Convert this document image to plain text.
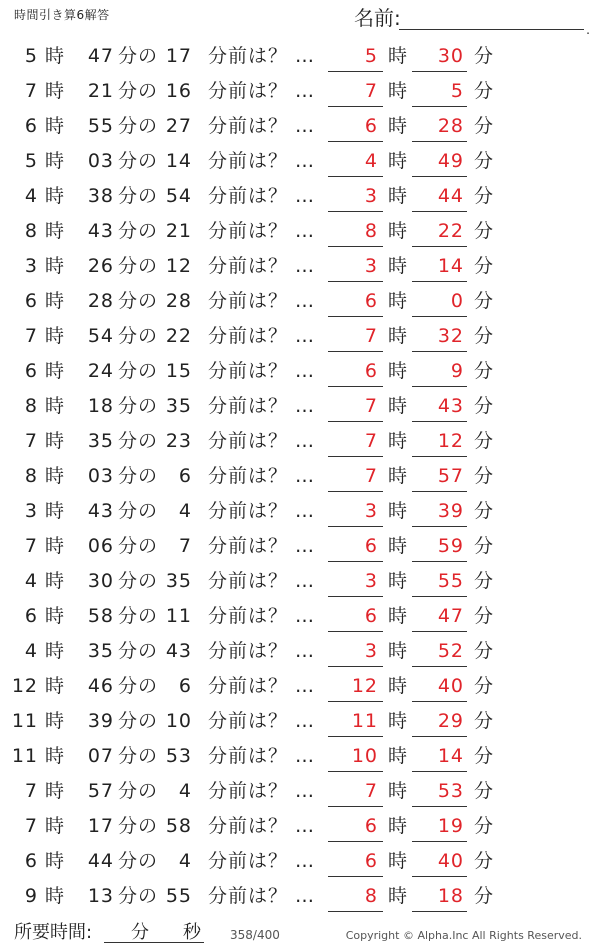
時間引き算6解答	名前:	.
5 時 47 分の 17 分前は？ …	5 時 30 分
7 時 21 分の 16 分前は？ …	7 時 5 分
6 時 55 分の 27 分前は？ …	6 時 28 分
5 時 03 分の 14 分前は？ …	4 時 49 分
4 時 38 分の 54 分前は？ …	3 時 44 分
8 時 43 分の 21 分前は？ …	8 時 22 分
3 時 26 分の 12 分前は？ …	3 時 14 分
6 時 28 分の 28 分前は？ …	6 時 0 分
7 時 54 分の 22 分前は？ …	7 時 32 分
6 時 24 分の 15 分前は？ …	6 時 9 分
8 時 18 分の 35 分前は？ …	7 時 43 分
7 時 35 分の 23 分前は？ …	7 時 12 分
8 時 03 分の 6 分前は？ …	7 時 57 分
3 時 43 分の 4 分前は？ …	3 時 39 分
7 時 06 分の 7 分前は？ …	6 時 59 分
4 時 30 分の 35 分前は？ …	3 時 55 分
6 時 58 分の 11 分前は？ …	6 時 47 分
4 時 35 分の 43 分前は？ …	3 時 52 分
12 時 46 分の 6 分前は？ … 12 時 40 分
11 時 39 分の 10 分前は？ … 11 時 29 分
11 時 07 分の 53 分前は？ … 10 時 14 分
7 時 57 分の 4 分前は？ …	7 時 53 分
7 時 17 分の 58 分前は？ …	6 時 19 分
6 時 44 分の 4 分前は？ …	6 時 40 分
9 時 13 分の 55 分前は？ …	8 時 18 分
所要時間: 分 秒 358/400	Copyright © Alpha.Inc All Rights Reserved.
